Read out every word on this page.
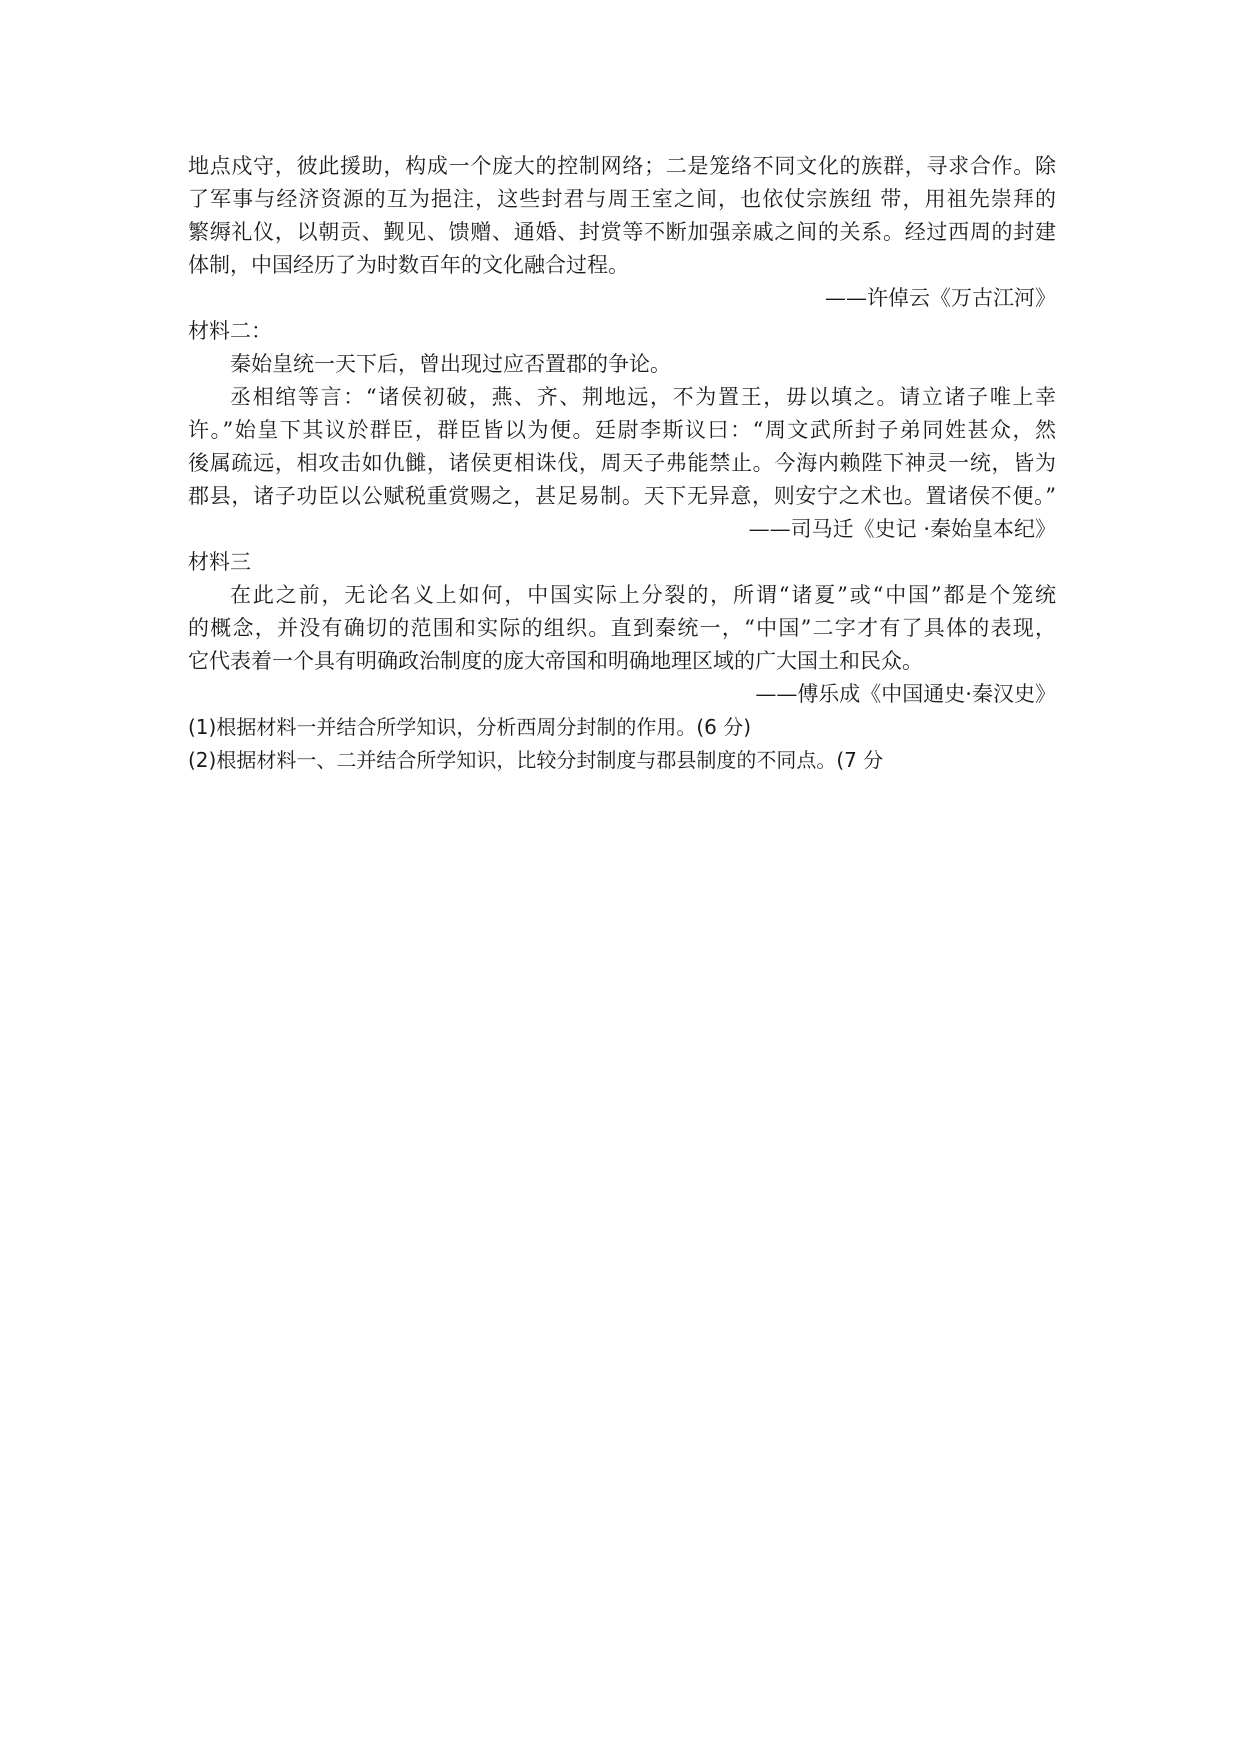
地点戍守，彼此援助，构成一个庞大的控制网络；二是笼络不同文化的族群，寻求合作。除

了军事与经济资源的互为挹注，这些封君与周王室之间，也依仗宗族纽 带，用祖先崇拜的

繁缛礼仪，以朝贡、觐见、馈赠、通婚、封赏等不断加强亲戚之间的关系。经过西周的封建

体制，中国经历了为时数百年的文化融合过程。

——许倬云《万古江河》

材料二：

秦始皇统一天下后，曾出现过应否置郡的争论。

丞相绾等言：“诸侯初破，燕、齐、荆地远，不为置王，毋以填之。请立诸子唯上幸

许。”始皇下其议於群臣，群臣皆以为便。廷尉李斯议曰：“周文武所封子弟同姓甚众，然

後属疏远，相攻击如仇雠，诸侯更相诛伐，周天子弗能禁止。今海内赖陛下神灵一统，皆为

郡县，诸子功臣以公赋税重赏赐之，甚足易制。天下无异意，则安宁之术也。置诸侯不便。”

——司马迁《史记 ·秦始皇本纪》

材料三

在此之前，无论名义上如何，中国实际上分裂的，所谓“诸夏”或“中国”都是个笼统

的概念，并没有确切的范围和实际的组织。直到秦统一，“中国”二字才有了具体的表现，

它代表着一个具有明确政治制度的庞大帝国和明确地理区域的广大国土和民众。

——傅乐成《中国通史·秦汉史》

(1)根据材料一并结合所学知识，分析西周分封制的作用。(6 分)

(2)根据材料一、二并结合所学知识，比较分封制度与郡县制度的不同点。(7 分
